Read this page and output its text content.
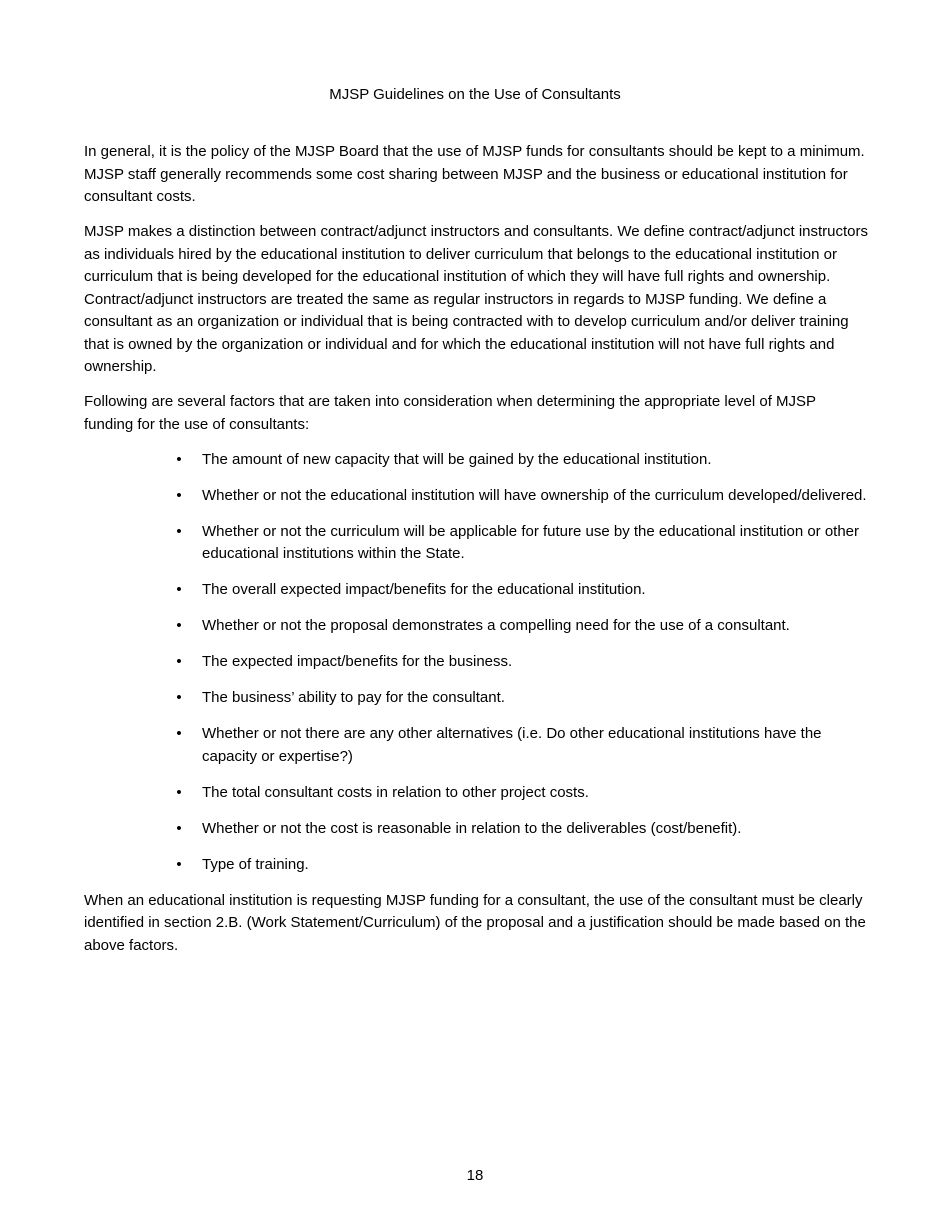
MJSP Guidelines on the Use of Consultants

In general, it is the policy of the MJSP Board that the use of MJSP funds for consultants should be kept to a minimum. MJSP staff generally recommends some cost sharing between MJSP and the business or educational institution for consultant costs.

MJSP makes a distinction between contract/adjunct instructors and consultants. We define contract/adjunct instructors as individuals hired by the educational institution to deliver curriculum that belongs to the educational institution or curriculum that is being developed for the educational institution of which they will have full rights and ownership. Contract/adjunct instructors are treated the same as regular instructors in regards to MJSP funding. We define a consultant as an organization or individual that is being contracted with to develop curriculum and/or deliver training that is owned by the organization or individual and for which the educational institution will not have full rights and ownership.

Following are several factors that are taken into consideration when determining the appropriate level of MJSP funding for the use of consultants:

• The amount of new capacity that will be gained by the educational institution.
• Whether or not the educational institution will have ownership of the curriculum developed/delivered.
• Whether or not the curriculum will be applicable for future use by the educational institution or other educational institutions within the State.
• The overall expected impact/benefits for the educational institution.
• Whether or not the proposal demonstrates a compelling need for the use of a consultant.
• The expected impact/benefits for the business.
• The business’ ability to pay for the consultant.
• Whether or not there are any other alternatives (i.e. Do other educational institutions have the capacity or expertise?)
• The total consultant costs in relation to other project costs.
• Whether or not the cost is reasonable in relation to the deliverables (cost/benefit).
• Type of training.

When an educational institution is requesting MJSP funding for a consultant, the use of the consultant must be clearly identified in section 2.B. (Work Statement/Curriculum) of the proposal and a justification should be made based on the above factors.

18
